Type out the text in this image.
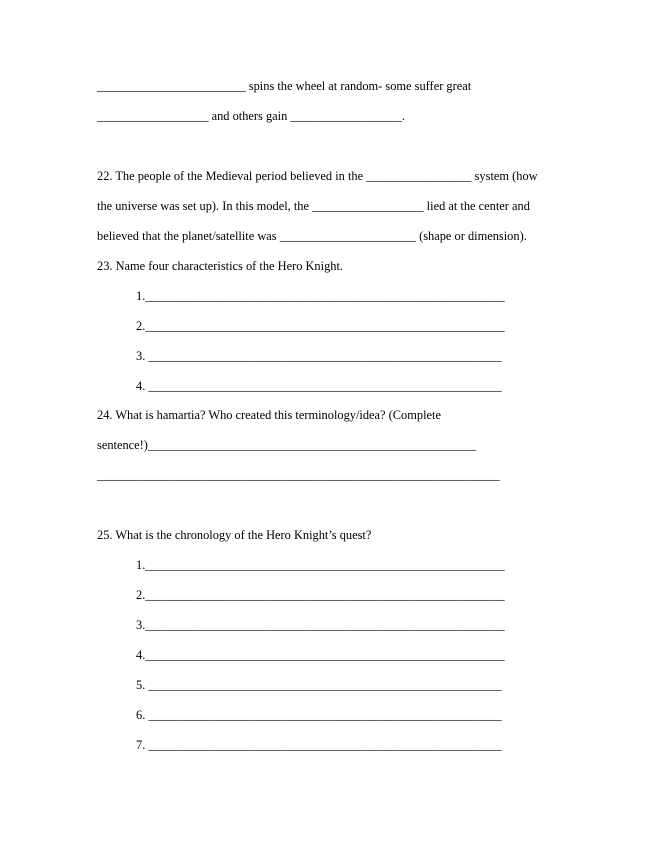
________________________ spins the wheel at random- some suffer great
__________________ and others gain __________________.
22. The people of the Medieval period believed in the _________________ system (how
the universe was set up). In this model, the __________________ lied at the center and
believed that the planet/satellite was ______________________ (shape or dimension).
23. Name four characteristics of the Hero Knight.
1.__________________________________________________________
2.__________________________________________________________
3. _________________________________________________________
4. _________________________________________________________
24. What is hamartia? Who created this terminology/idea? (Complete
sentence!)_____________________________________________________
_________________________________________________________________
25. What is the chronology of the Hero Knight’s quest?
1.__________________________________________________________
2.__________________________________________________________
3.__________________________________________________________
4.__________________________________________________________
5. _________________________________________________________
6. _________________________________________________________
7. _________________________________________________________
